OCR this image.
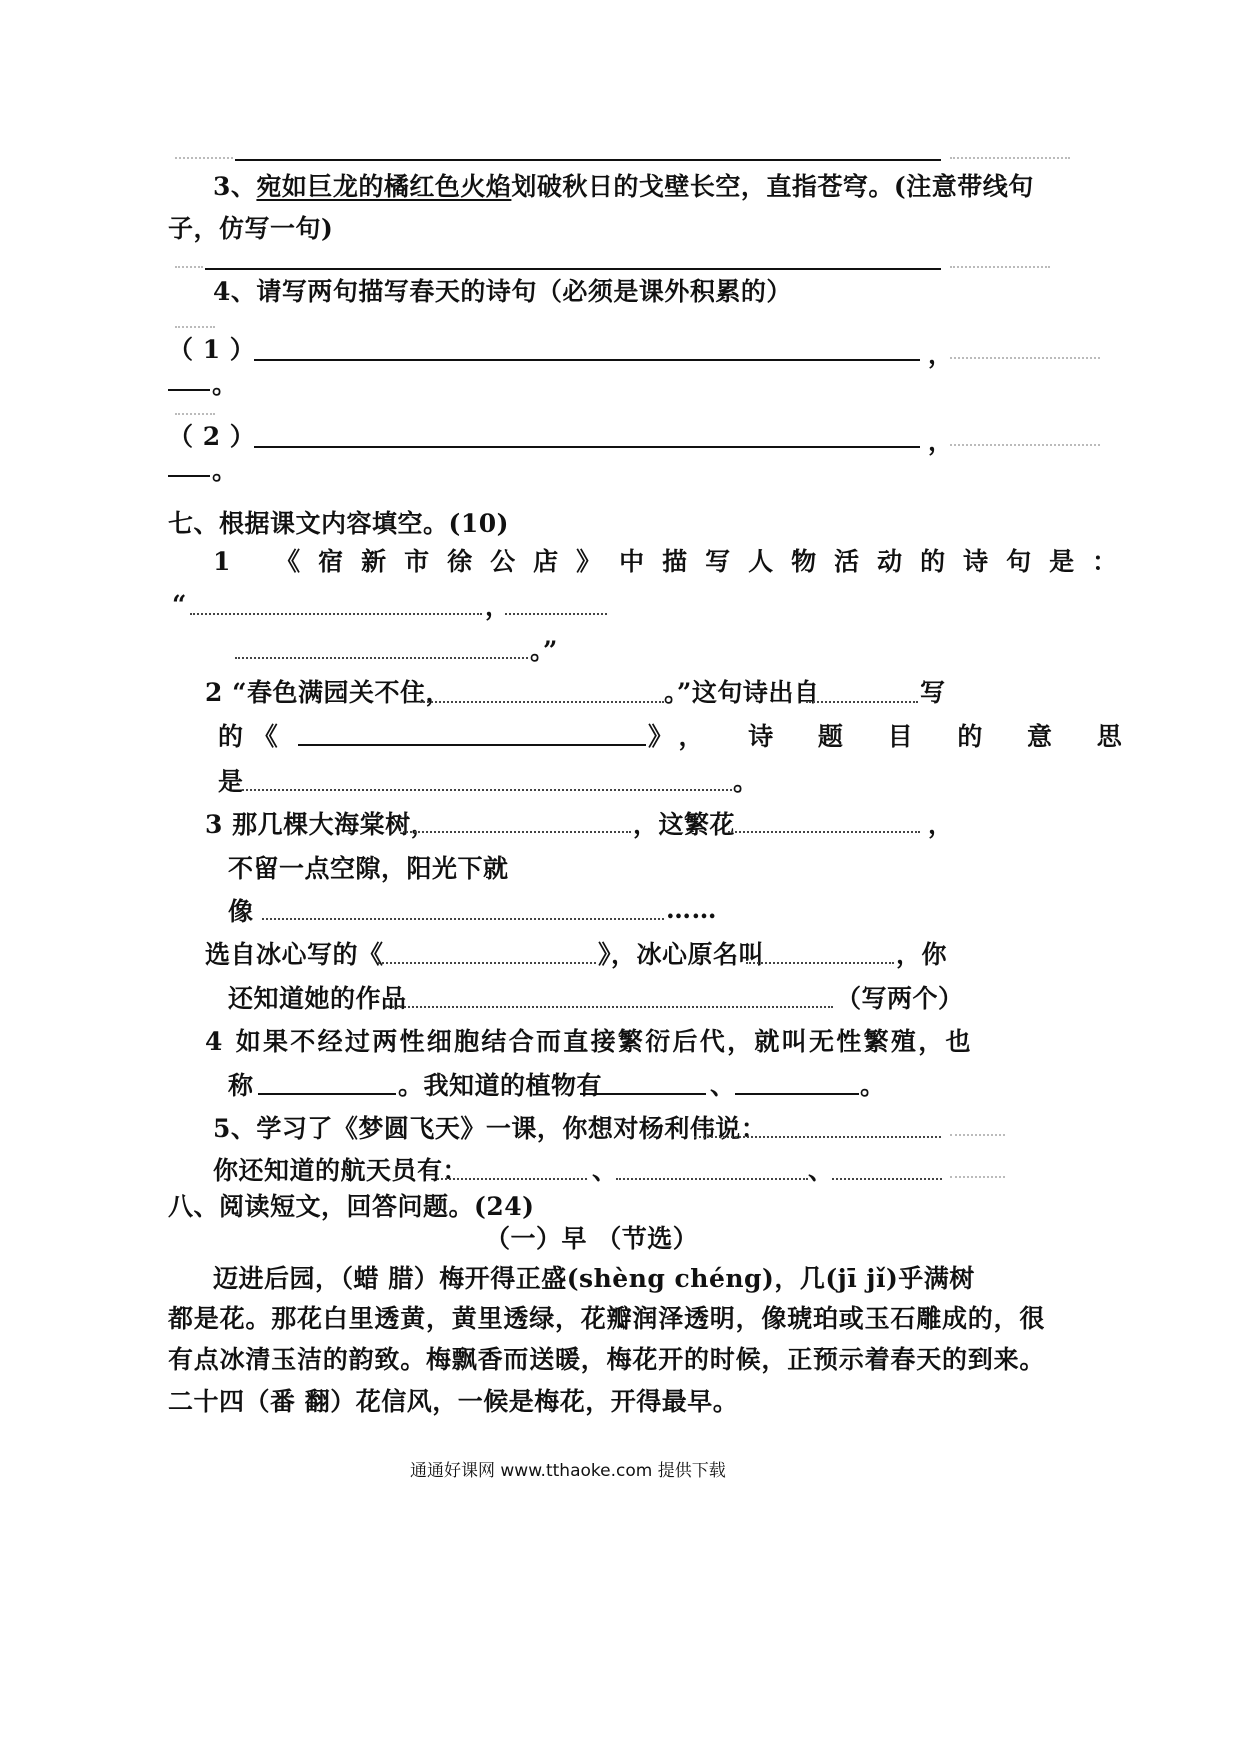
3、宛如巨龙的橘红色火焰划破秋日的戈壁长空，直指苍穹。(注意带线句
子，仿写一句)
4、请写两句描写春天的诗句（必须是课外积累的）
（ 1 ）	，
。
（ 2 ）	，
。
七、根据课文内容填空。(10)
1 《宿新市徐公店》中描写人物活动的诗句是：
“	，
。”
2 “春色满园关不住，	。”这句诗出自	写
的 《	》， 诗 题 目 的 意 思
是	。
3 那几棵大海棠树，	，这繁花	，
不留一点空隙，阳光下就
像	……
选自冰心写的《	》，冰心原名叫	，你
还知道她的作品	（写两个）
4 如果不经过两性细胞结合而直接繁衍后代，就叫无性繁殖，也
称	。我知道的植物有	、	。
5、学习了《梦圆飞天》一课，你想对杨利伟说：
你还知道的航天员有：	、	、
八、阅读短文，回答问题。(24)
（一）早 （节选）
迈进后园，（蜡 腊）梅开得正盛(shèng chéng)，几(jī jǐ)乎满树
都是花。那花白里透黄，黄里透绿，花瓣润泽透明，像琥珀或玉石雕成的，很
有点冰清玉洁的韵致。梅飘香而送暖，梅花开的时候，正预示着春天的到来。
二十四（番 翻）花信风，一候是梅花，开得最早。
通通好课网 www.tthaoke.com 提供下载
